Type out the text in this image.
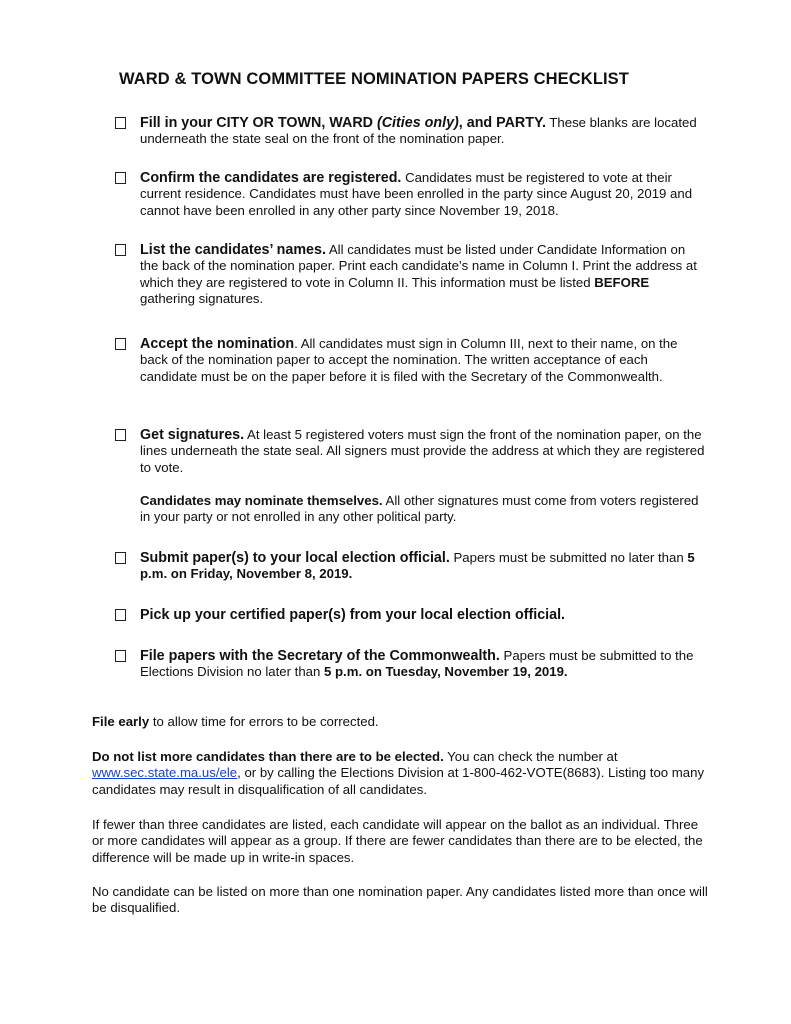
WARD & TOWN COMMITTEE NOMINATION PAPERS CHECKLIST
Fill in your CITY OR TOWN, WARD (Cities only), and PARTY. These blanks are located underneath the state seal on the front of the nomination paper.
Confirm the candidates are registered. Candidates must be registered to vote at their current residence. Candidates must have been enrolled in the party since August 20, 2019 and cannot have been enrolled in any other party since November 19, 2018.
List the candidates’ names. All candidates must be listed under Candidate Information on the back of the nomination paper. Print each candidate’s name in Column I. Print the address at which they are registered to vote in Column II. This information must be listed BEFORE gathering signatures.
Accept the nomination. All candidates must sign in Column III, next to their name, on the back of the nomination paper to accept the nomination. The written acceptance of each candidate must be on the paper before it is filed with the Secretary of the Commonwealth.
Get signatures. At least 5 registered voters must sign the front of the nomination paper, on the lines underneath the state seal. All signers must provide the address at which they are registered to vote.
Candidates may nominate themselves. All other signatures must come from voters registered in your party or not enrolled in any other political party.
Submit paper(s) to your local election official. Papers must be submitted no later than 5 p.m. on Friday, November 8, 2019.
Pick up your certified paper(s) from your local election official.
File papers with the Secretary of the Commonwealth. Papers must be submitted to the Elections Division no later than 5 p.m. on Tuesday, November 19, 2019.
File early to allow time for errors to be corrected.
Do not list more candidates than there are to be elected. You can check the number at www.sec.state.ma.us/ele, or by calling the Elections Division at 1-800-462-VOTE(8683). Listing too many candidates may result in disqualification of all candidates.
If fewer than three candidates are listed, each candidate will appear on the ballot as an individual. Three or more candidates will appear as a group. If there are fewer candidates than there are to be elected, the difference will be made up in write-in spaces.
No candidate can be listed on more than one nomination paper. Any candidates listed more than once will be disqualified.
